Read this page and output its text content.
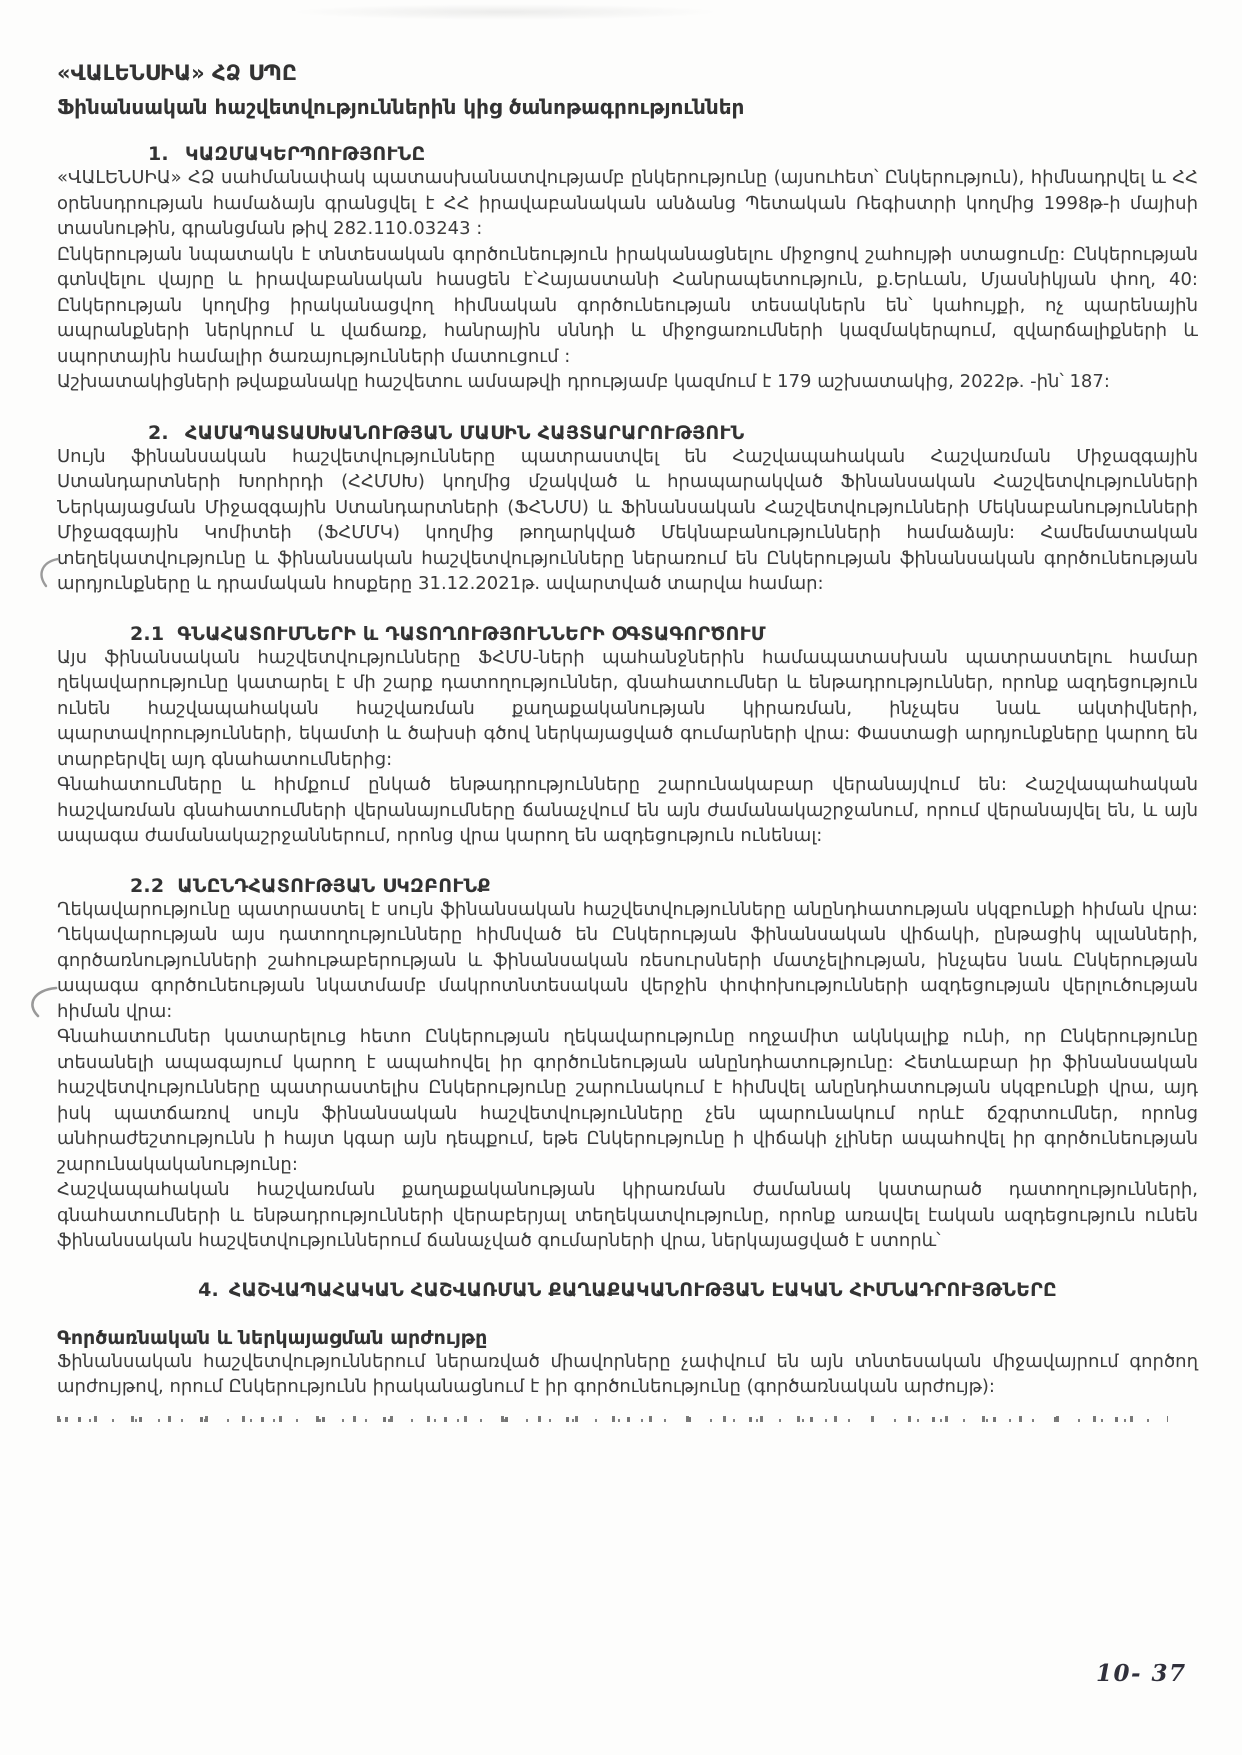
«ՎԱԼԵՆՍԻԱ» ՀՁ ՍՊԸ
Ֆինանսական հաշվետվություններին կից ծանոթագրություններ
1. ԿԱԶՄԱԿԵՐՊՈՒԹՅՈՒՆԸ

«ՎԱԼԵՆՍԻԱ» ՀՁ սահմանափակ պատասխանատվությամբ ընկերությունը (այսուհետ՝ Ընկերություն), հիմնադրվել և ՀՀ օրենսդրության համաձայն գրանցվել է ՀՀ իրավաբանական անձանց Պետական Ռեգիստրի կողմից 1998թ-ի մայիսի տասնութին, գրանցման թիվ 282.110.03243 :

Ընկերության նպատակն է տնտեսական գործունեություն իրականացնելու միջոցով շահույթի ստացումը: Ընկերության գտնվելու վայրը և իրավաբանական հասցեն է՝Հայաստանի Հանրապետություն, ք.Երևան, Մյասնիկյան փող, 40: Ընկերության կողմից իրականացվող հիմնական գործունեության տեսակներն են՝ կահույքի, ոչ պարենային ապրանքների ներկրում և վաճառք, հանրային սննդի և միջոցառումների կազմակերպում, զվարճալիքների և սպորտային համալիր ծառայությունների մատուցում :

Աշխատակիցների թվաքանակը հաշվետու ամսաթվի դրությամբ կազմում է 179 աշխատակից, 2022թ. -ին՝ 187:

2. ՀԱՄԱՊԱՏԱՍԽԱՆՈՒԹՅԱՆ ՄԱՍԻՆ ՀԱՅՏԱՐԱՐՈՒԹՅՈՒՆ

Սույն ֆինանսական հաշվետվությունները պատրաստվել են Հաշվապահական Հաշվառման Միջազգային Ստանդարտների Խորհրդի (ՀՀՄՍԽ) կողմից մշակված և հրապարակված Ֆինանսական Հաշվետվությունների Ներկայացման Միջազգային Ստանդարտների (ՖՀՆՄՍ) և Ֆինանսական Հաշվետվությունների Մեկնաբանությունների Միջազգային Կոմիտեի (ՖՀՄՄԿ) կողմից թողարկված Մեկնաբանությունների համաձայն: Համեմատական տեղեկատվությունը և ֆինանսական հաշվետվությունները ներառում են Ընկերության ֆինանսական գործունեության արդյունքները և դրամական հոսքերը 31.12.2021թ. ավարտված տարվա համար:

2.1 ԳՆԱՀԱՏՈՒՄՆԵՐԻ և ԴԱՏՈՂՈՒԹՅՈՒՆՆԵՐԻ ՕԳՏԱԳՈՐԾՈՒՄ

Այս ֆինանսական հաշվետվությունները ՖՀՄՍ-ների պահանջներին համապատասխան պատրաստելու համար ղեկավարությունը կատարել է մի շարք դատողություններ, գնահատումներ և ենթադրություններ, որոնք ազդեցություն ունեն հաշվապահական հաշվառման քաղաքականության կիրառման, ինչպես նաև ակտիվների, պարտավորությունների, եկամտի և ծախսի գծով ներկայացված գումարների վրա: Փաստացի արդյունքները կարող են տարբերվել այդ գնահատումներից:

Գնահատումները և հիմքում ընկած ենթադրությունները շարունակաբար վերանայվում են: Հաշվապահական հաշվառման գնահատումների վերանայումները ճանաչվում են այն ժամանակաշրջանում, որում վերանայվել են, և այն ապագա ժամանակաշրջաններում, որոնց վրա կարող են ազդեցություն ունենալ:

2.2 ԱՆԸՆԴՀԱՏՈՒԹՅԱՆ ՍԿԶԲՈՒՆՔ

Ղեկավարությունը պատրաստել է սույն ֆինանսական հաշվետվությունները անընդհատության սկզբունքի հիման վրա: Ղեկավարության այս դատողությունները հիմնված են Ընկերության ֆինանսական վիճակի, ընթացիկ պլանների, գործառնությունների շահութաբերության և ֆինանսական ռեսուրսների մատչելիության, ինչպես նաև Ընկերության ապագա գործունեության նկատմամբ մակրոտնտեսական վերջին փոփոխությունների ազդեցության վերլուծության հիման վրա:

Գնահատումներ կատարելուց հետո Ընկերության ղեկավարությունը ողջամիտ ակնկալիք ունի, որ Ընկերությունը տեսանելի ապագայում կարող է ապահովել իր գործունեության անընդհատությունը: Հետևաբար իր ֆինանսական հաշվետվությունները պատրաստելիս Ընկերությունը շարունակում է հիմնվել անընդհատության սկզբունքի վրա, այդ իսկ պատճառով սույն ֆինանսական հաշվետվությունները չեն պարունակում որևէ ճշգրտումներ, որոնց անհրաժեշտությունն ի հայտ կգար այն դեպքում, եթե Ընկերությունը ի վիճակի չլիներ ապահովել իր գործունեության շարունակականությունը:

Հաշվապահական հաշվառման քաղաքականության կիրառման ժամանակ կատարած դատողությունների, գնահատումների և ենթադրությունների վերաբերյալ տեղեկատվությունը, որոնք առավել էական ազդեցություն ունեն ֆինանսական հաշվետվություններում ճանաչված գումարների վրա, ներկայացված է ստորև՝

4. ՀԱՇՎԱՊԱՀԱԿԱՆ ՀԱՇՎԱՌՄԱՆ ՔԱՂԱՔԱԿԱՆՈՒԹՅԱՆ ԷԱԿԱՆ ՀԻՄՆԱԴՐՈՒՅԹՆԵՐԸ
Գործառնական և ներկայացման արժույթը

Ֆինանսական հաշվետվություններում ներառված միավորները չափվում են այն տնտեսական միջավայրում գործող արժույթով, որում Ընկերությունն իրականացնում է իր գործունեությունը (գործառնական արժույթ):

10- 37
